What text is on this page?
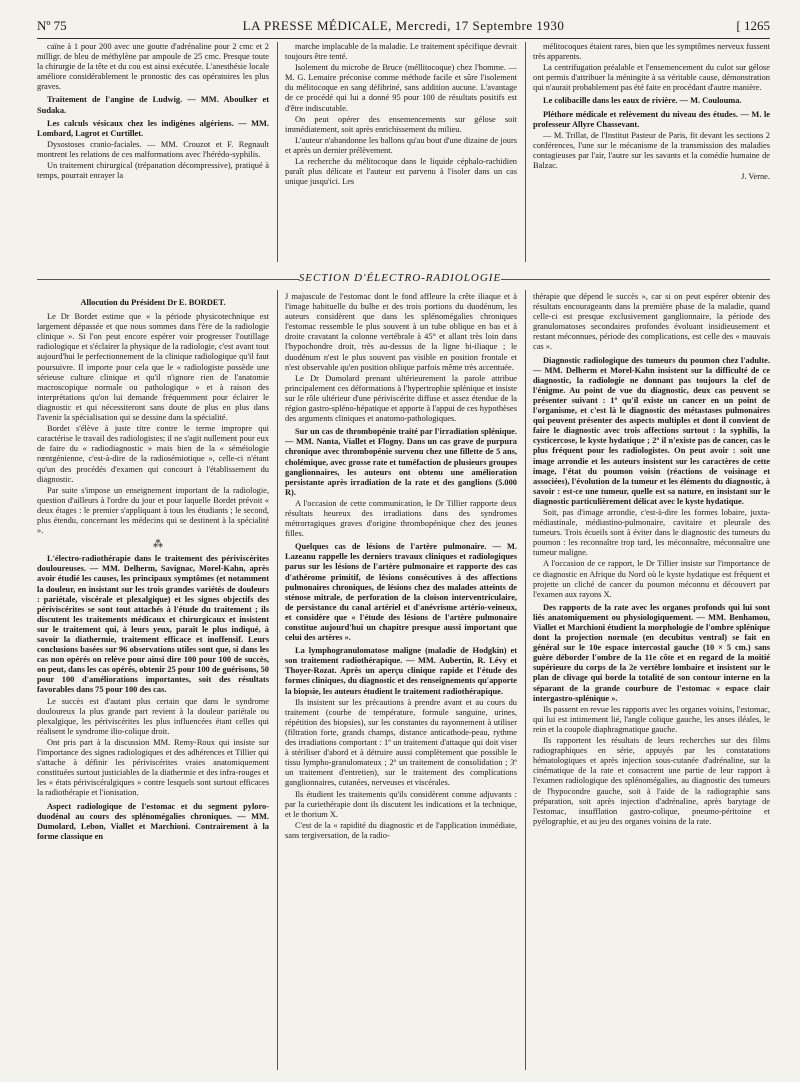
Nº 75	LA PRESSE MÉDICALE, Mercredi, 17 Septembre 1930	[ 1265

caïne à 1 pour 200 avec une goutte d'adrénaline pour 2 cmc et 2 milligr. de bleu de méthylène par ampoule de 25 cmc. Presque toute la chirurgie de la tête et du cou est ainsi exécutée. L'anesthésie locale améliore considérablement le pronostic des cas opératoires les plus graves.

Traitement de l'angine de Ludwig. — MM. Aboulker et Sudaka.

Les calculs vésicaux chez les indigènes algériens. — MM. Lombard, Lagrot et Curtillet.

Dysostoses cranio-faciales. — MM. Crouzot et F. Regnault montrent les relations de ces malformations avec l'hérédo-syphilis.

Un traitement chirurgical (trépanation décompressive), pratiqué à temps, pourrait enrayer la

marche implacable de la maladie. Le traitement spécifique devrait toujours être tenté.

Isolement du microbe de Bruce (méllitocoque) chez l'homme. — M. G. Lemaire préconise comme méthode facile et sûre l'isolement du mélitocoque en sang défibriné, sans addition aucune. L'avantage de ce procédé qui lui a donné 95 pour 100 de résultats positifs est d'être indiscutable.

On peut opérer des ensemencements sur gélose soit immédiatement, soit après enrichissement du milieu.

L'auteur n'abandonne les ballons qu'au bout d'une dizaine de jours et après un dernier prélèvement.

La recherche du mélitocoque dans le liquide céphalo-rachidien paraît plus délicate et l'auteur est parvenu à l'isoler dans un cas unique jusqu'ici. Les

mélitocoques étaient rares, bien que les symptômes nerveux fussent très apparents.

La centrifugation préalable et l'ensemencement du culot sur gélose ont permis d'attribuer la méningite à sa véritable cause, démonstration qui n'aurait probablement pas été faite en procédant d'autre manière.

Le colibacille dans les eaux de rivière. — M. Coulouma.

Pléthore médicale et relèvement du niveau des études. — M. le professeur Allyre Chassevant.

— M. Trillat, de l'Institut Pasteur de Paris, fit devant les sections 2 conférences, l'une sur le mécanisme de la transmission des maladies contagieuses par l'air, l'autre sur les savants et la comédie humaine de Balzac.

J. Verne.

SECTION D'ÉLECTRO-RADIOLOGIE

Allocution du Président Dr E. BORDET.

Le Dr Bordet estime que « la période physicotechnique est largement dépassée et que nous sommes dans l'ère de la radiologie clinique ». Si l'on peut encore espérer voir progresser l'outillage radiologique et s'éclairer la physique de la radiologie, c'est avant tout aujourd'hui le perfectionnement de la clinique radiologique qu'il faut poursuivre. Il importe pour cela que le « radiologiste possède une sérieuse culture clinique et qu'il n'ignore rien de l'anatomie macroscopique normale ou pathologique » et à raison des interprétations qu'on lui demande fréquemment pour éclairer le diagnostic et qui nécessiteront sans doute de plus en plus dans l'avenir la spécialisation qui se dessine dans la spécialité.

Bordet s'élève à juste titre contre le terme impropre qui caractérise le travail des radiologistes; il ne s'agit nullement pour eux de faire du « radiodiagnostic » mais bien de la « séméiologie rœntgénienne, c'est-à-dire de la radiosémiotique », celle-ci n'étant qu'un des procédés d'examen qui concourt à l'établissement du diagnostic.

Par suite s'impose un enseignement important de la radiologie, question d'ailleurs à l'ordre du jour et pour laquelle Bordet prévoit « deux étages : le premier s'appliquant à tous les étudiants ; le second, plus étendu, concernant les médecins qui se destinent à la spécialité ».

⁂

L'électro-radiothérapie dans le traitement des périviscérites douloureuses. — MM. Delherm, Savignac, Morel-Kahn, après avoir étudié les causes, les principaux symptômes (et notamment la douleur, en insistant sur les trois grandes variétés de douleurs : pariétale, viscérale et plexalgique) et les signes objectifs des périviscérites se sont tout attachés à l'étude du traitement ; ils discutent les traitements médicaux et chirurgicaux et insistent sur le traitement qui, à leurs yeux, paraît le plus indiqué, à savoir la diathermie, traitement efficace et inoffensif. Leurs conclusions basées sur 96 observations utiles sont que, si dans les cas non opérés on relève pour ainsi dire 100 pour 100 de succès, on peut, dans les cas opérés, obtenir 25 pour 100 de guérisons, 50 pour 100 d'améliorations importantes, soit des résultats favorables dans 75 pour 100 des cas.

Le succès est d'autant plus certain que dans le syndrome douloureux la plus grande part revient à la douleur pariétale ou plexalgique, les périviscérites les plus influencées étant celles qui réalisent le syndrome ilio-colique droit.

Ont pris part à la discussion MM. Remy-Roux qui insiste sur l'importance des signes radiologiques et des adhérences et Tillier qui s'attache à définir les périviscérites vraies anatomiquement constituées surtout justiciables de la diathermie et des infra-rouges et les « états périviscéralgiques » contre lesquels sont surtout efficaces la radiothérapie et l'ionisation.

Aspect radiologique de l'estomac et du segment pyloro-duodénal au cours des splénomégalies chroniques. — MM. Dumolard, Lebon, Viallet et Marchioni. Contrairement à la forme classique en

J majuscule de l'estomac dont le fond affleure la crête iliaque et à l'image habituelle du bulbe et des trois portions du duodénum, les auteurs considèrent que dans les splénomégalies chroniques l'estomac ressemble le plus souvent à un tube oblique en bas et à droite cravatant la colonne vertébrale à 45° et allant très loin dans l'hypochondre droit, très au-dessus de la ligne bi-iliaque ; le duodénum n'est le plus souvent pas visible en position frontale et n'est observable qu'en position oblique parfois même très accentuée.

Le Dr Dumolard prenant ultérieurement la parole attribue principalement ces déformations à l'hypertrophie splénique et insiste sur le rôle ultérieur d'une périviscérite diffuse et assez étendue de la région gastro-spléno-hépatique et apporte à l'appui de ces hypothèses des arguments cliniques et anatomo-pathologiques.

Sur un cas de thrombopénie traité par l'irradiation splénique. — MM. Nanta, Viallet et Flogny. Dans un cas grave de purpura chronique avec thrombopénie survenu chez une fillette de 5 ans, cholémique, avec grosse rate et tuméfaction de plusieurs groupes ganglionnaires, les auteurs ont obtenu une amélioration persistante après irradiation de la rate et des ganglions (5.000 R).

A l'occasion de cette communication, le Dr Tillier rapporte deux résultats heureux des irradiations dans des syndromes métrorragiques graves d'origine thrombopénique chez des jeunes filles.

Quelques cas de lésions de l'artère pulmonaire. — M. Lazeanu rappelle les derniers travaux cliniques et radiologiques parus sur les lésions de l'artère pulmonaire et rapporte des cas d'athérome primitif, de lésions consécutives à des affections pulmonaires chroniques, de lésions chez des malades atteints de sténose mitrale, de perforation de la cloison interventriculaire, de persistance du canal artériel et d'anévrisme artério-veineux, et considère que « l'étude des lésions de l'artère pulmonaire constitue aujourd'hui un chapitre presque aussi important que celui des artères ».

La lymphogranulomatose maligne (maladie de Hodgkin) et son traitement radiothérapique. — MM. Aubertin, R. Lévy et Thoyer-Rozat. Après un aperçu clinique rapide et l'étude des formes cliniques, du diagnostic et des renseignements qu'apporte la biopsie, les auteurs étudient le traitement radiothérapique.

Ils insistent sur les précautions à prendre avant et au cours du traitement (courbe de température, formule sanguine, urines, répétition des biopsies), sur les constantes du rayonnement à utiliser (filtration forte, grands champs, distance anticathode-peau, rythme des irradiations comportant : 1º un traitement d'attaque qui doit viser à stériliser d'abord et à détruire aussi complètement que possible le tissu lympho-granulomateux ; 2º un traitement de consolidation ; 3º un traitement d'entretien), sur le traitement des complications ganglionnaires, cutanées, nerveuses et viscérales.

Ils étudient les traitements qu'ils considèrent comme adjuvants : par la curiethérapie dont ils discutent les indications et la technique, et le thorium X.

C'est de la « rapidité du diagnostic et de l'application immédiate, sans tergiversation, de la radio-

thérapie que dépend le succès », car si on peut espérer obtenir des résultats encourageants dans la première phase de la maladie, quand celle-ci est presque exclusivement ganglionnaire, la période des granulomatoses secondaires profondes évoluant insidieusement et restant méconnues, période des complications, est celle des « mauvais cas ».

Diagnostic radiologique des tumeurs du poumon chez l'adulte. — MM. Delherm et Morel-Kahn insistent sur la difficulté de ce diagnostic, la radiologie ne donnant pas toujours la clef de l'énigme. Au point de vue du diagnostic, deux cas peuvent se présenter suivant : 1º qu'il existe un cancer en un point de l'organisme, et c'est là le diagnostic des métastases pulmonaires qui peuvent présenter des aspects multiples et dont il convient de faire le diagnostic avec trois affections surtout : la syphilis, la cysticercose, le kyste hydatique ; 2º il n'existe pas de cancer, cas le plus fréquent pour les radiologistes. On peut avoir : soit une image arrondie et les auteurs insistent sur les caractères de cette image, l'état du poumon voisin (réactions de voisinage et associées), l'évolution de la tumeur et les éléments du diagnostic, à savoir : est-ce une tumeur, quelle est sa nature, en insistant sur le diagnostic particulièrement délicat avec le kyste hydatique.

Soit, pas d'image arrondie, c'est-à-dire les formes lobaire, juxta-médiastinale, médiastino-pulmonaire, cavitaire et pleurale des tumeurs. Trois écueils sont à éviter dans le diagnostic des tumeurs du poumon : les reconnaître trop tard, les méconnaître, méconnaître une tumeur maligne.

A l'occasion de ce rapport, le Dr Tillier insiste sur l'importance de ce diagnostic en Afrique du Nord où le kyste hydatique est fréquent et projette un cliché de cancer du poumon méconnu et découvert par l'examen aux rayons X.

Des rapports de la rate avec les organes profonds qui lui sont liés anatomiquement ou physiologiquement. — MM. Benhamou, Viallet et Marchioni étudient la morphologie de l'ombre splénique dont la projection normale (en decubitus ventral) se fait en général sur le 10e espace intercostal gauche (10 × 5 cm.) sans guère déborder l'ombre de la 11e côte et en regard de la moitié supérieure du corps de la 2e vertèbre lombaire et insistent sur le plan de clivage qui borde la totalité de son contour interne en la séparant de la grande courbure de l'estomac « espace clair intergastro-splénique ».

Ils passent en revue les rapports avec les organes voisins, l'estomac, qui lui est intimement lié, l'angle colique gauche, les anses iléales, le rein et la coupole diaphragmatique gauche.

Ils rapportent les résultats de leurs recherches sur des films radiographiques en série, appuyés par les constatations hématologiques et après injection sous-cutanée d'adrénaline, sur la cinématique de la rate et consacrent une partie de leur rapport à l'examen radiologique des splénomégalies, au diagnostic des tumeurs de l'hypocondre gauche, soit à l'aide de la radiographie sans préparation, soit après injection d'adrénaline, après barytage de l'estomac, insufflation gastro-colique, pneumo-péritoine et pyélographie, et au jeu des organes voisins de la rate.
